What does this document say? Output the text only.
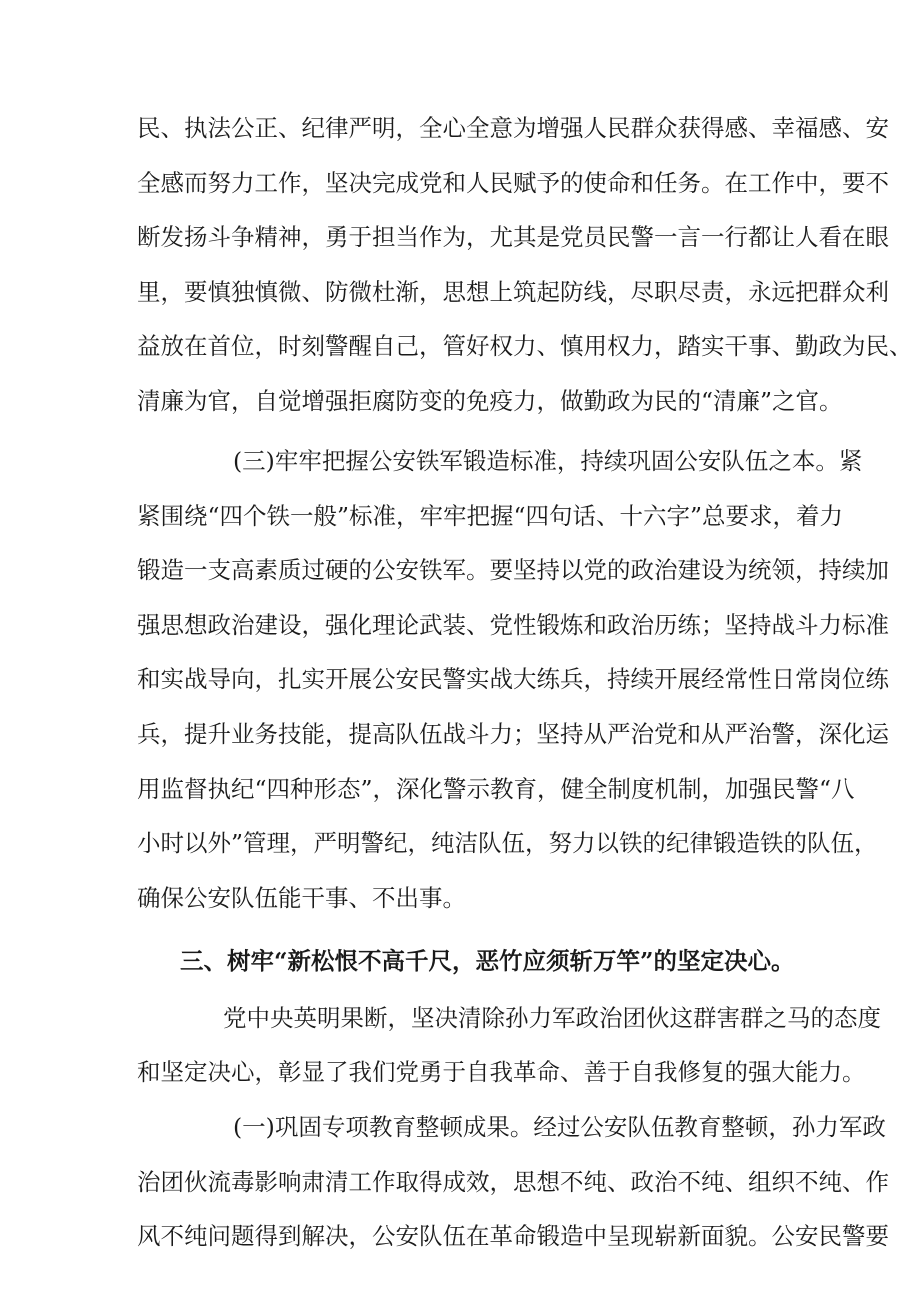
民、执法公正、纪律严明，全心全意为增强人民群众获得感、幸福感、安
全感而努力工作，坚决完成党和人民赋予的使命和任务。在工作中，要不
断发扬斗争精神，勇于担当作为，尤其是党员民警一言一行都让人看在眼
里，要慎独慎微、防微杜渐，思想上筑起防线，尽职尽责，永远把群众利
益放在首位，时刻警醒自己，管好权力、慎用权力，踏实干事、勤政为民、
清廉为官，自觉增强拒腐防变的免疫力，做勤政为民的“清廉”之官。
(三)牢牢把握公安铁军锻造标准，持续巩固公安队伍之本。紧
紧围绕“四个铁一般”标准，牢牢把握“四句话、十六字”总要求，着力
锻造一支高素质过硬的公安铁军。要坚持以党的政治建设为统领，持续加
强思想政治建设，强化理论武装、党性锻炼和政治历练；坚持战斗力标准
和实战导向，扎实开展公安民警实战大练兵，持续开展经常性日常岗位练
兵，提升业务技能，提高队伍战斗力；坚持从严治党和从严治警，深化运
用监督执纪“四种形态”，深化警示教育，健全制度机制，加强民警“八
小时以外”管理，严明警纪，纯洁队伍，努力以铁的纪律锻造铁的队伍，
确保公安队伍能干事、不出事。
三、树牢“新松恨不高千尺，恶竹应须斩万竿”的坚定决心。
党中央英明果断，坚决清除孙力军政治团伙这群害群之马的态度
和坚定决心，彰显了我们党勇于自我革命、善于自我修复的强大能力。
(一)巩固专项教育整顿成果。经过公安队伍教育整顿，孙力军政
治团伙流毒影响肃清工作取得成效，思想不纯、政治不纯、组织不纯、作
风不纯问题得到解决，公安队伍在革命锻造中呈现崭新面貌。公安民警要
